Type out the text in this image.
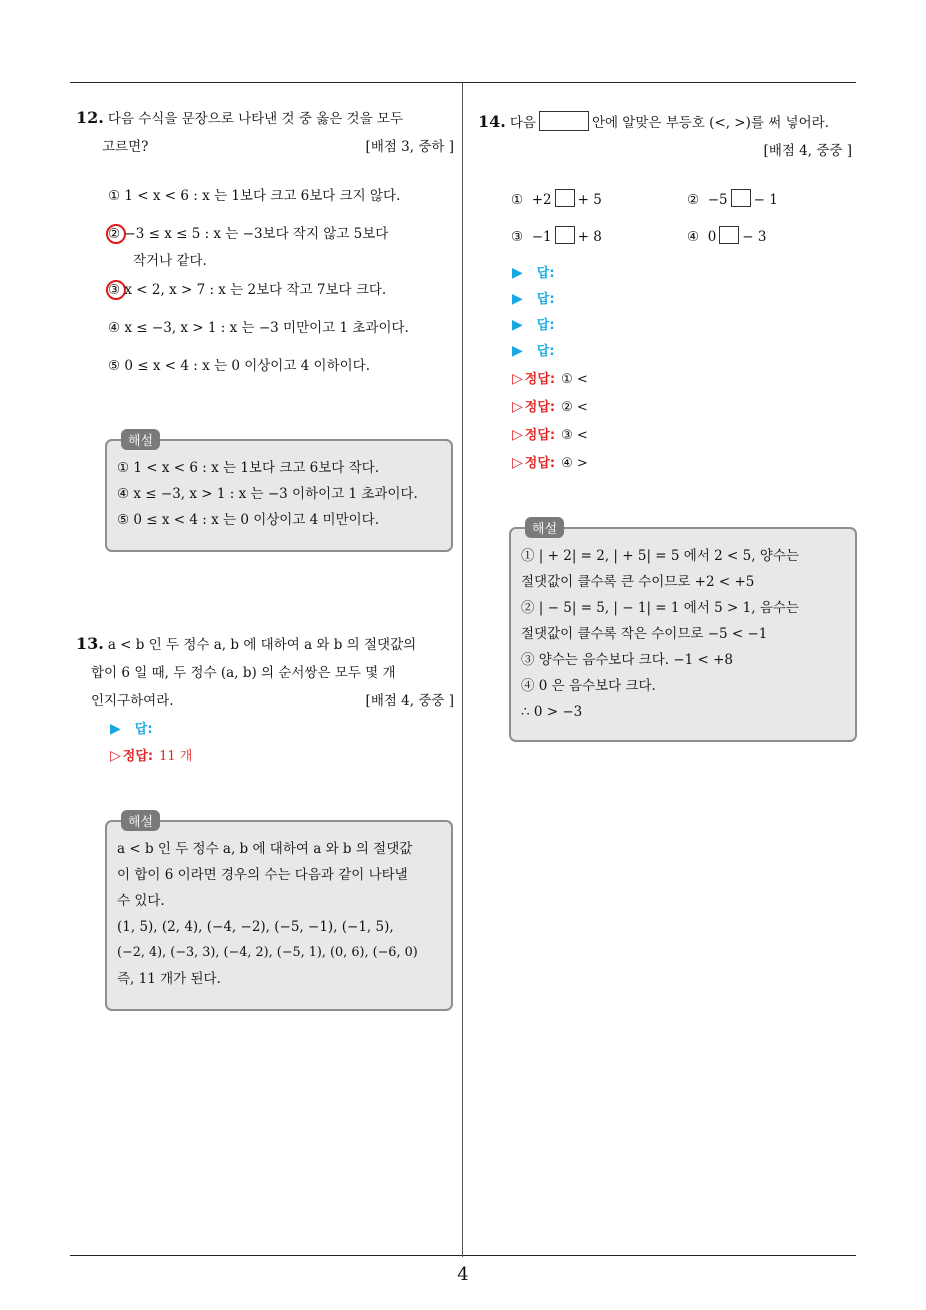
12. 다음 수식을 문장으로 나타낸 것 중 옳은 것을 모두
고르면?	[배점 3, 중하 ]
① 1 < x < 6 : x 는 1보다 크고 6보다 크지 않다.
② −3 ≤ x ≤ 5 : x 는 −3보다 작지 않고 5보다
작거나 같다.
③ x < 2, x > 7 : x 는 2보다 작고 7보다 크다.
④ x ≤ −3, x > 1 : x 는 −3 미만이고 1 초과이다.
⑤ 0 ≤ x < 4 : x 는 0 이상이고 4 이하이다.
해설

① 1 < x < 6 : x 는 1보다 크고 6보다 작다.

④ x ≤ −3, x > 1 : x 는 −3 이하이고 1 초과이다.

⑤ 0 ≤ x < 4 : x 는 0 이상이고 4 미만이다.

13. a < b 인 두 정수 a, b 에 대하여 a 와 b 의 절댓값의
합이 6 일 때, 두 정수 (a, b) 의 순서쌍은 모두 몇 개
인지구하여라.	[배점 4, 중중 ]
▶ 답:
▷ 정답: 11 개
해설

a < b 인 두 정수 a, b 에 대하여 a 와 b 의 절댓값

이 합이 6 이라면 경우의 수는 다음과 같이 나타낼

수 있다.

(1, 5), (2, 4), (−4, −2), (−5, −1), (−1, 5),

(−2, 4), (−3, 3), (−4, 2), (−5, 1), (0, 6), (−6, 0)

즉, 11 개가 된다.

14. 다음	안에 알맞은 부등호 (<, >)를 써 넣어라.
[배점 4, 중중 ]
① +2 + 5	② −5 − 1
③ −1 + 8	④ 0 − 3
▶ 답:
▶ 답:
▶ 답:
▶ 답:
▷ 정답: ① <
▷ 정답: ② <
▷ 정답: ③ <
▷ 정답: ④ >
해설

① | + 2| = 2, | + 5| = 5 에서 2 < 5, 양수는

절댓값이 클수록 큰 수이므로 +2 < +5

② | − 5| = 5, | − 1| = 1 에서 5 > 1, 음수는

절댓값이 클수록 작은 수이므로 −5 < −1

③ 양수는 음수보다 크다. −1 < +8

④ 0 은 음수보다 크다.

∴ 0 > −3

4
